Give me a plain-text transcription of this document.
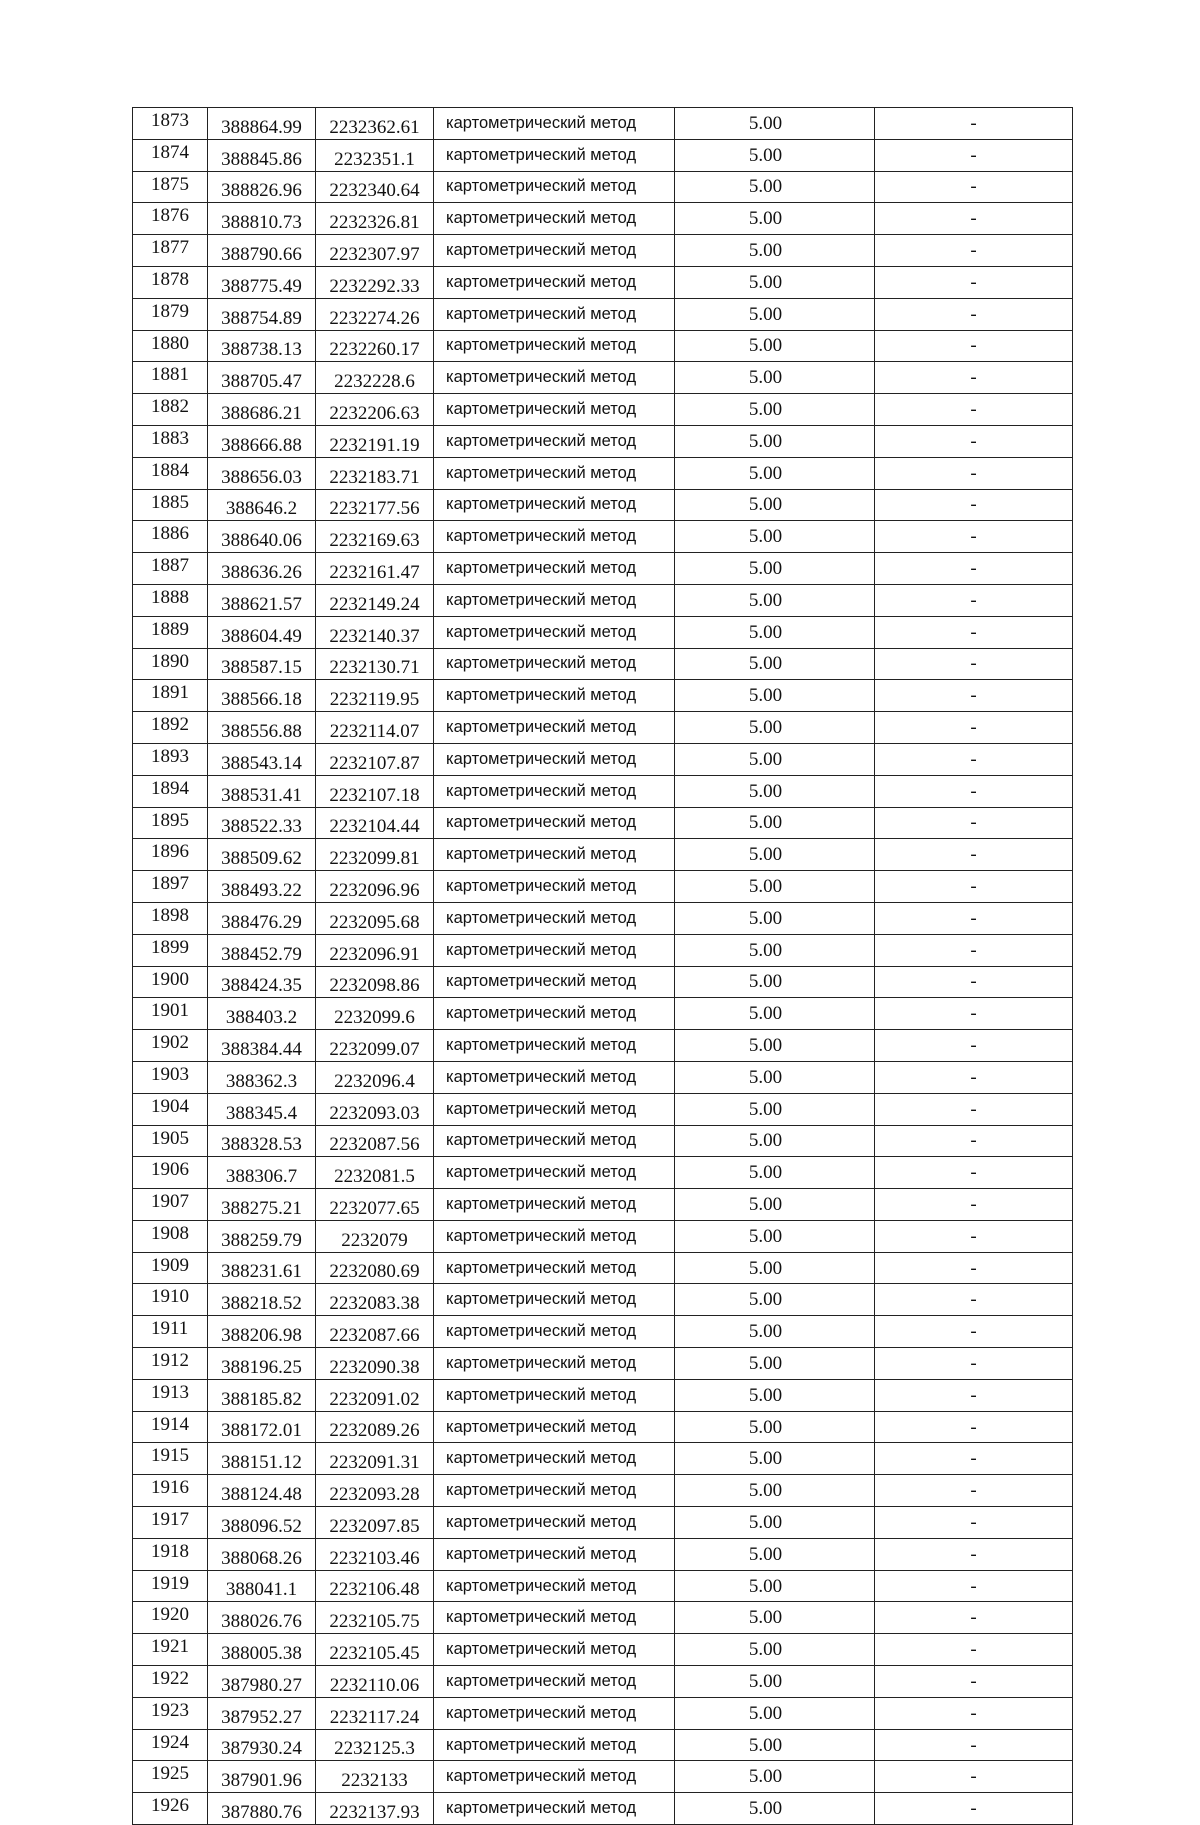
1873	388864.99	2232362.61	картометрический метод	5.00	-
1874	388845.86	2232351.1	картометрический метод	5.00	-
1875	388826.96	2232340.64	картометрический метод	5.00	-
1876	388810.73	2232326.81	картометрический метод	5.00	-
1877	388790.66	2232307.97	картометрический метод	5.00	-
1878	388775.49	2232292.33	картометрический метод	5.00	-
1879	388754.89	2232274.26	картометрический метод	5.00	-
1880	388738.13	2232260.17	картометрический метод	5.00	-
1881	388705.47	2232228.6	картометрический метод	5.00	-
1882	388686.21	2232206.63	картометрический метод	5.00	-
1883	388666.88	2232191.19	картометрический метод	5.00	-
1884	388656.03	2232183.71	картометрический метод	5.00	-
1885	388646.2	2232177.56	картометрический метод	5.00	-
1886	388640.06	2232169.63	картометрический метод	5.00	-
1887	388636.26	2232161.47	картометрический метод	5.00	-
1888	388621.57	2232149.24	картометрический метод	5.00	-
1889	388604.49	2232140.37	картометрический метод	5.00	-
1890	388587.15	2232130.71	картометрический метод	5.00	-
1891	388566.18	2232119.95	картометрический метод	5.00	-
1892	388556.88	2232114.07	картометрический метод	5.00	-
1893	388543.14	2232107.87	картометрический метод	5.00	-
1894	388531.41	2232107.18	картометрический метод	5.00	-
1895	388522.33	2232104.44	картометрический метод	5.00	-
1896	388509.62	2232099.81	картометрический метод	5.00	-
1897	388493.22	2232096.96	картометрический метод	5.00	-
1898	388476.29	2232095.68	картометрический метод	5.00	-
1899	388452.79	2232096.91	картометрический метод	5.00	-
1900	388424.35	2232098.86	картометрический метод	5.00	-
1901	388403.2	2232099.6	картометрический метод	5.00	-
1902	388384.44	2232099.07	картометрический метод	5.00	-
1903	388362.3	2232096.4	картометрический метод	5.00	-
1904	388345.4	2232093.03	картометрический метод	5.00	-
1905	388328.53	2232087.56	картометрический метод	5.00	-
1906	388306.7	2232081.5	картометрический метод	5.00	-
1907	388275.21	2232077.65	картометрический метод	5.00	-
1908	388259.79	2232079	картометрический метод	5.00	-
1909	388231.61	2232080.69	картометрический метод	5.00	-
1910	388218.52	2232083.38	картометрический метод	5.00	-
1911	388206.98	2232087.66	картометрический метод	5.00	-
1912	388196.25	2232090.38	картометрический метод	5.00	-
1913	388185.82	2232091.02	картометрический метод	5.00	-
1914	388172.01	2232089.26	картометрический метод	5.00	-
1915	388151.12	2232091.31	картометрический метод	5.00	-
1916	388124.48	2232093.28	картометрический метод	5.00	-
1917	388096.52	2232097.85	картометрический метод	5.00	-
1918	388068.26	2232103.46	картометрический метод	5.00	-
1919	388041.1	2232106.48	картометрический метод	5.00	-
1920	388026.76	2232105.75	картометрический метод	5.00	-
1921	388005.38	2232105.45	картометрический метод	5.00	-
1922	387980.27	2232110.06	картометрический метод	5.00	-
1923	387952.27	2232117.24	картометрический метод	5.00	-
1924	387930.24	2232125.3	картометрический метод	5.00	-
1925	387901.96	2232133	картометрический метод	5.00	-
1926	387880.76	2232137.93	картометрический метод	5.00	-
